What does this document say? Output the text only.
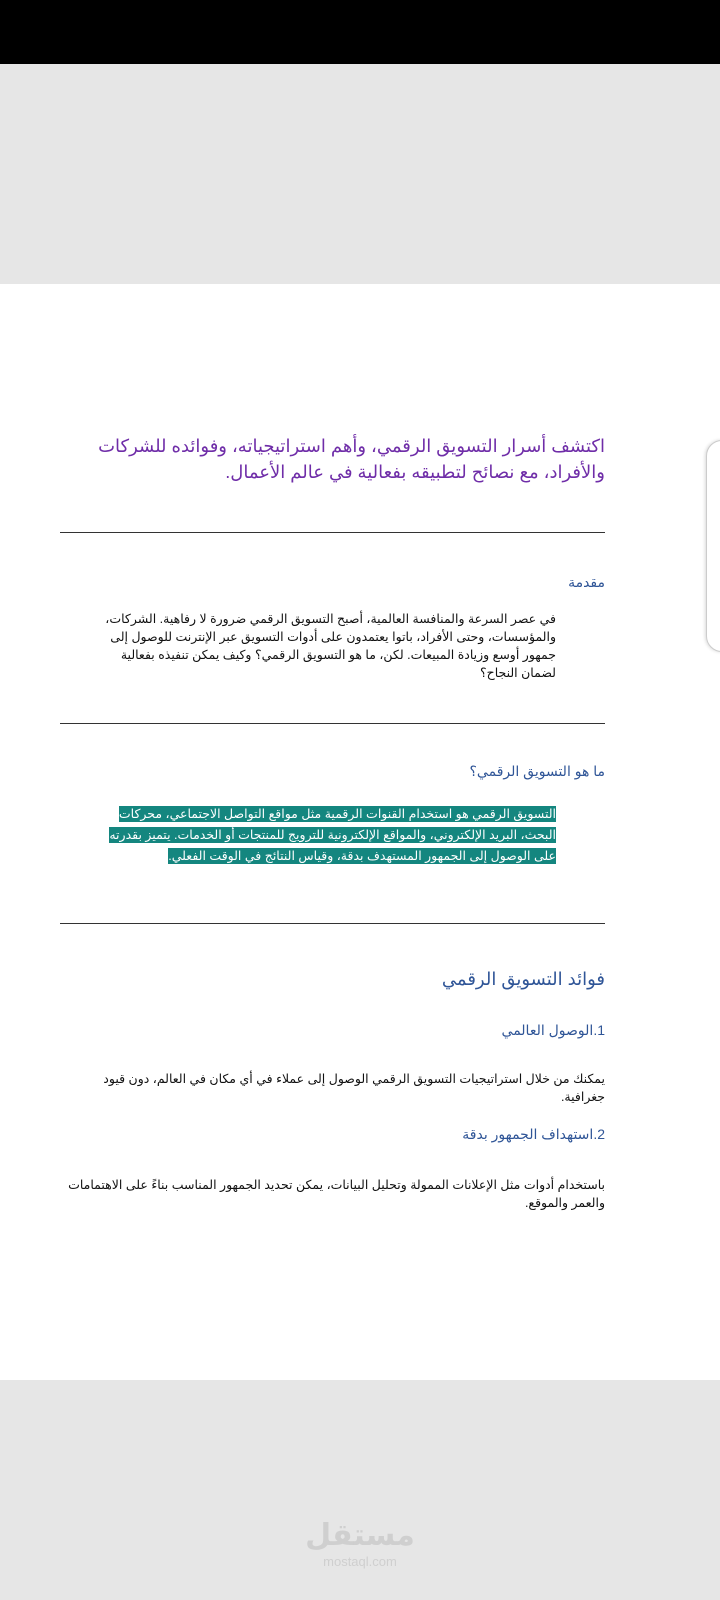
اكتشف أسرار التسويق الرقمي، وأهم استراتيجياته، وفوائده للشركات والأفراد، مع نصائح لتطبيقه بفعالية في عالم الأعمال.
مقدمة
في عصر السرعة والمنافسة العالمية، أصبح التسويق الرقمي ضرورة لا رفاهية. الشركات، والمؤسسات، وحتى الأفراد، باتوا يعتمدون على أدوات التسويق عبر الإنترنت للوصول إلى جمهور أوسع وزيادة المبيعات. لكن، ما هو التسويق الرقمي؟ وكيف يمكن تنفيذه بفعالية لضمان النجاح؟
ما هو التسويق الرقمي؟
التسويق الرقمي هو استخدام القنوات الرقمية مثل مواقع التواصل الاجتماعي، محركات البحث، البريد الإلكتروني، والمواقع الإلكترونية للترويج للمنتجات أو الخدمات. يتميز بقدرته على الوصول إلى الجمهور المستهدف بدقة، وقياس النتائج في الوقت الفعلي.
فوائد التسويق الرقمي
1.الوصول العالمي
يمكنك من خلال استراتيجيات التسويق الرقمي الوصول إلى عملاء في أي مكان في العالم، دون قيود جغرافية.
2.استهداف الجمهور بدقة
باستخدام أدوات مثل الإعلانات الممولة وتحليل البيانات، يمكن تحديد الجمهور المناسب بناءً على الاهتمامات والعمر والموقع.
مستقل
mostaql.com
